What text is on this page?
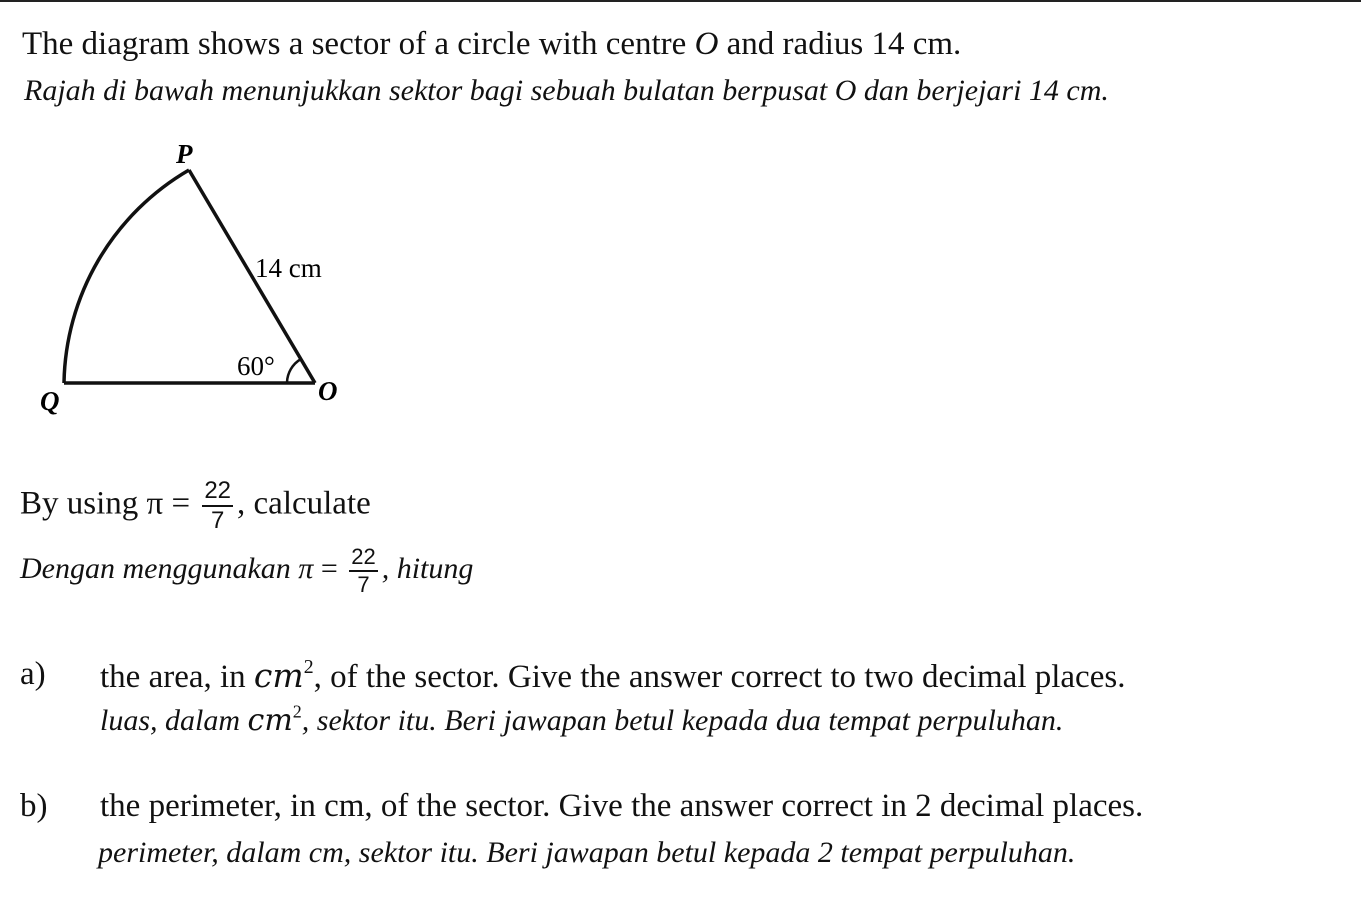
The diagram shows a sector of a circle with centre O and radius 14 cm.
Rajah di bawah menunjukkan sektor bagi sebuah bulatan berpusat O dan berjejari 14 cm.
P
Q	O
14 cm
60°
By using $\pi = \frac{22}{7}$ , calculate
Dengan menggunakan $\pi = \frac{22}{7}$ , hitung
a) the area, in $cm^2$, of the sector. Give the answer correct to two decimal places.
luas, dalam $cm^2$, sektor itu. Beri jawapan betul kepada dua tempat perpuluhan.
b) the perimeter, in cm, of the sector. Give the answer correct in 2 decimal places.
perimeter, dalam cm, sektor itu. Beri jawapan betul kepada 2 tempat perpuluhan.
